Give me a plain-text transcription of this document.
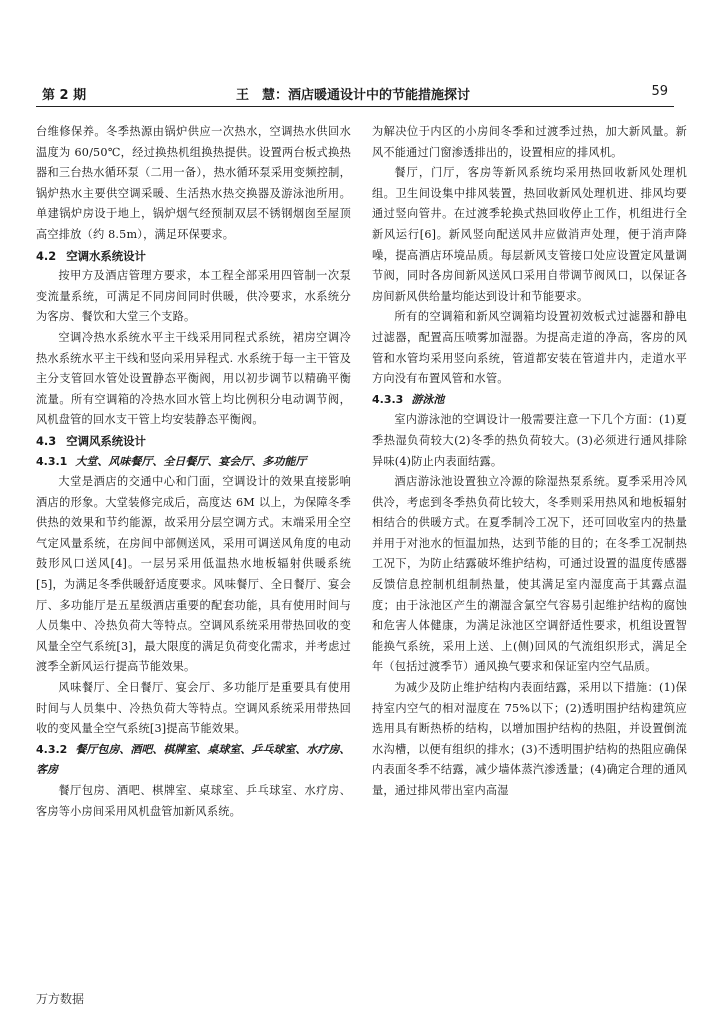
第 2 期	王　慧：酒店暖通设计中的节能措施探讨	59

台维修保养。冬季热源由锅炉供应一次热水，空调热水供回水温度为 60/50℃，经过换热机组换热提供。设置两台板式换热器和三台热水循环泵（二用一备），热水循环泵采用变频控制，锅炉热水主要供空调采暖、生活热水热交换器及游泳池所用。单建锅炉房设于地上，锅炉烟气经预制双层不锈钢烟囱至屋顶高空排放（约 8.5m），满足环保要求。

4.2 空调水系统设计

按甲方及酒店管理方要求，本工程全部采用四管制一次泵变流量系统，可满足不同房间同时供暖，供冷要求，水系统分为客房、餐饮和大堂三个支路。

空调冷热水系统水平主干线采用同程式系统，裙房空调冷热水系统水平主干线和竖向采用异程式. 水系统于每一主干管及主分支管回水管处设置静态平衡阀，用以初步调节以精确平衡流量。所有空调箱的冷热水回水管上均比例积分电动调节阀，风机盘管的回水支干管上均安装静态平衡阀。

4.3 空调风系统设计
4.3.1 大堂、风味餐厅、全日餐厅、宴会厅、多功能厅

大堂是酒店的交通中心和门面，空调设计的效果直接影响酒店的形象。大堂装修完成后，高度达 6M 以上，为保障冬季供热的效果和节约能源，故采用分层空调方式。末端采用全空气定风量系统，在房间中部侧送风，采用可调送风角度的电动鼓形风口送风[4]。一层另采用低温热水地板辐射供暖系统[5]，为满足冬季供暖舒适度要求。风味餐厅、全日餐厅、宴会厅、多功能厅是五星级酒店重要的配套功能，具有使用时间与人员集中、冷热负荷大等特点。空调风系统采用带热回收的变风量全空气系统[3]，最大限度的满足负荷变化需求，并考虑过渡季全新风运行提高节能效果。

风味餐厅、全日餐厅、宴会厅、多功能厅是重要具有使用时间与人员集中、冷热负荷大等特点。空调风系统采用带热回收的变风量全空气系统[3]提高节能效果。

4.3.2 餐厅包房、酒吧、棋牌室、桌球室、乒乓球室、水疗房、客房

餐厅包房、酒吧、棋牌室、桌球室、乒乓球室、水疗房、客房等小房间采用风机盘管加新风系统。

为解决位于内区的小房间冬季和过渡季过热，加大新风量。新风不能通过门窗渗透排出的，设置相应的排风机。

餐厅，门厅，客房等新风系统均采用热回收新风处理机组。卫生间设集中排风装置，热回收新风处理机进、排风均要通过竖向管井。在过渡季轮换式热回收停止工作，机组进行全新风运行[6]。新风竖向配送风井应做消声处理，便于消声降噪，提高酒店环境品质。每层新风支管接口处应设置定风量调节阀，同时各房间新风送风口采用自带调节阀风口，以保证各房间新风供给量均能达到设计和节能要求。

所有的空调箱和新风空调箱均设置初效板式过滤器和静电过滤器，配置高压喷雾加湿器。为提高走道的净高，客房的风管和水管均采用竖向系统，管道都安装在管道井内，走道水平方向没有布置风管和水管。

4.3.3 游泳池

室内游泳池的空调设计一般需要注意一下几个方面：(1)夏季热湿负荷较大(2)冬季的热负荷较大。(3)必须进行通风排除异味(4)防止内表面结露。

酒店游泳池设置独立冷源的除湿热泵系统。夏季采用冷风供冷，考虑到冬季热负荷比较大，冬季则采用热风和地板辐射相结合的供暖方式。在夏季制冷工况下，还可回收室内的热量并用于对池水的恒温加热，达到节能的目的；在冬季工况制热工况下，为防止结露破坏维护结构，可通过设置的温度传感器反馈信息控制机组制热量，使其满足室内湿度高于其露点温度；由于泳池区产生的潮湿含氯空气容易引起维护结构的腐蚀和危害人体健康，为满足泳池区空调舒适性要求，机组设置智能换气系统，采用上送、上(侧)回风的气流组织形式，满足全年（包括过渡季节）通风换气要求和保证室内空气品质。

为减少及防止维护结构内表面结露，采用以下措施：(1)保持室内空气的相对湿度在 75%以下；(2)透明围护结构建筑应选用具有断热桥的结构，以增加围护结构的热阻，并设置倒流水沟槽，以便有组织的排水；(3)不透明围护结构的热阻应确保内表面冬季不结露，减少墙体蒸汽渗透量；(4)确定合理的通风量，通过排风带出室内高湿

万方数据
